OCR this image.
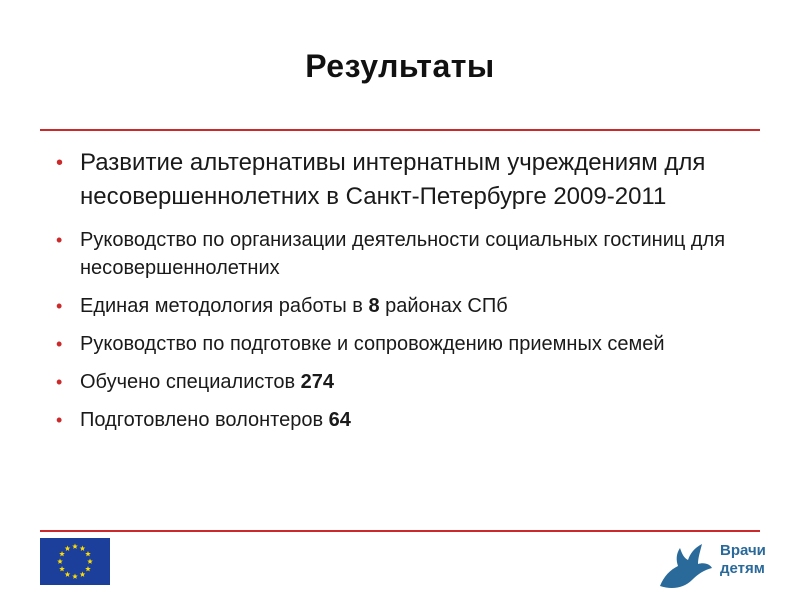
Результаты
• Развитие альтернативы интернатным учреждениям для несовершеннолетних в Санкт-Петербурге 2009-2011
• Руководство по организации деятельности социальных гостиниц для несовершеннолетних
• Единая методология работы в 8 районах СПб
• Руководство по подготовке и сопровождению приемных семей
• Обучено специалистов 274
• Подготовлено волонтеров 64
Врачи
детям
